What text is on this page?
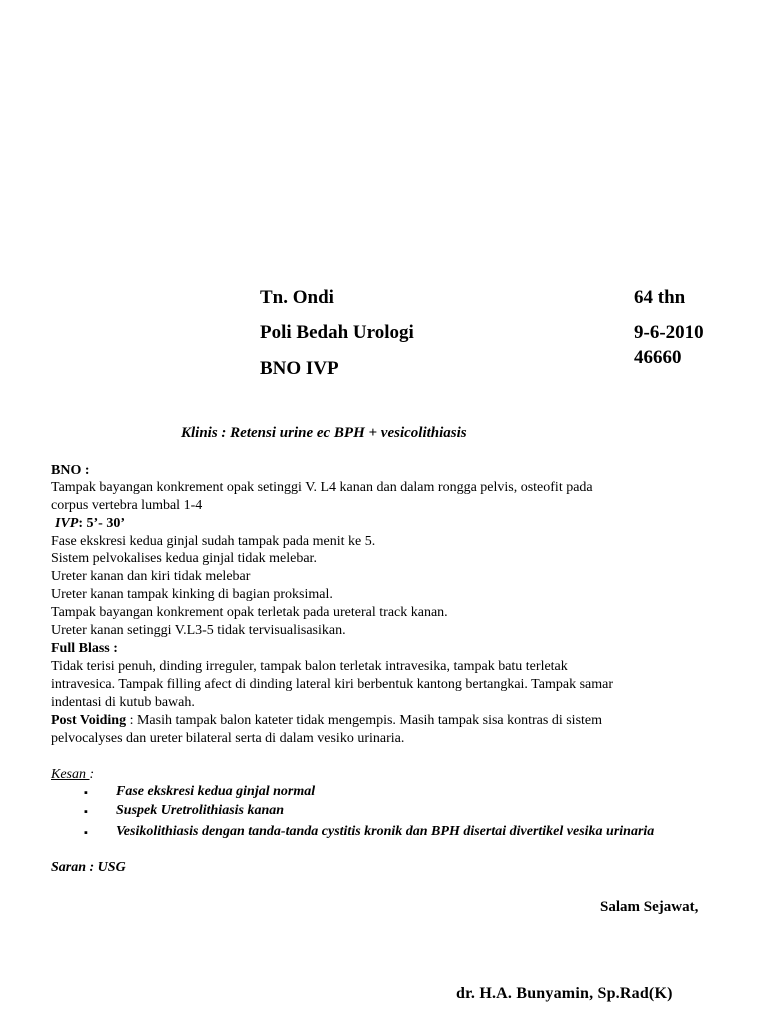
Tn. Ondi	64 thn
Poli Bedah Urologi	9-6-2010
46660
BNO IVP
Klinis : Retensi urine ec BPH + vesicolithiasis
BNO :
Tampak bayangan konkrement opak setinggi V. L4 kanan dan dalam rongga pelvis, osteofit pada
corpus vertebra lumbal 1-4
IVP: 5’- 30’
Fase ekskresi kedua ginjal sudah tampak pada menit ke 5.
Sistem pelvokalises kedua ginjal tidak melebar.
Ureter kanan dan kiri tidak melebar
Ureter kanan tampak kinking di bagian proksimal.
Tampak bayangan konkrement opak terletak pada ureteral track kanan.
Ureter kanan setinggi V.L3-5 tidak tervisualisasikan.
Full Blass :
Tidak terisi penuh, dinding irreguler, tampak balon terletak intravesika, tampak batu terletak
intravesica. Tampak filling afect di dinding lateral kiri berbentuk kantong bertangkai. Tampak samar
indentasi di kutub bawah.
Post Voiding : Masih tampak balon kateter tidak mengempis. Masih tampak sisa kontras di sistem
pelvocalyses dan ureter bilateral serta di dalam vesiko urinaria.
Kesan :
▪ Fase ekskresi kedua ginjal normal
▪ Suspek Uretrolithiasis kanan
▪ Vesikolithiasis dengan tanda-tanda cystitis kronik dan BPH disertai divertikel vesika urinaria
Saran : USG
Salam Sejawat,
dr. H.A. Bunyamin, Sp.Rad(K)
